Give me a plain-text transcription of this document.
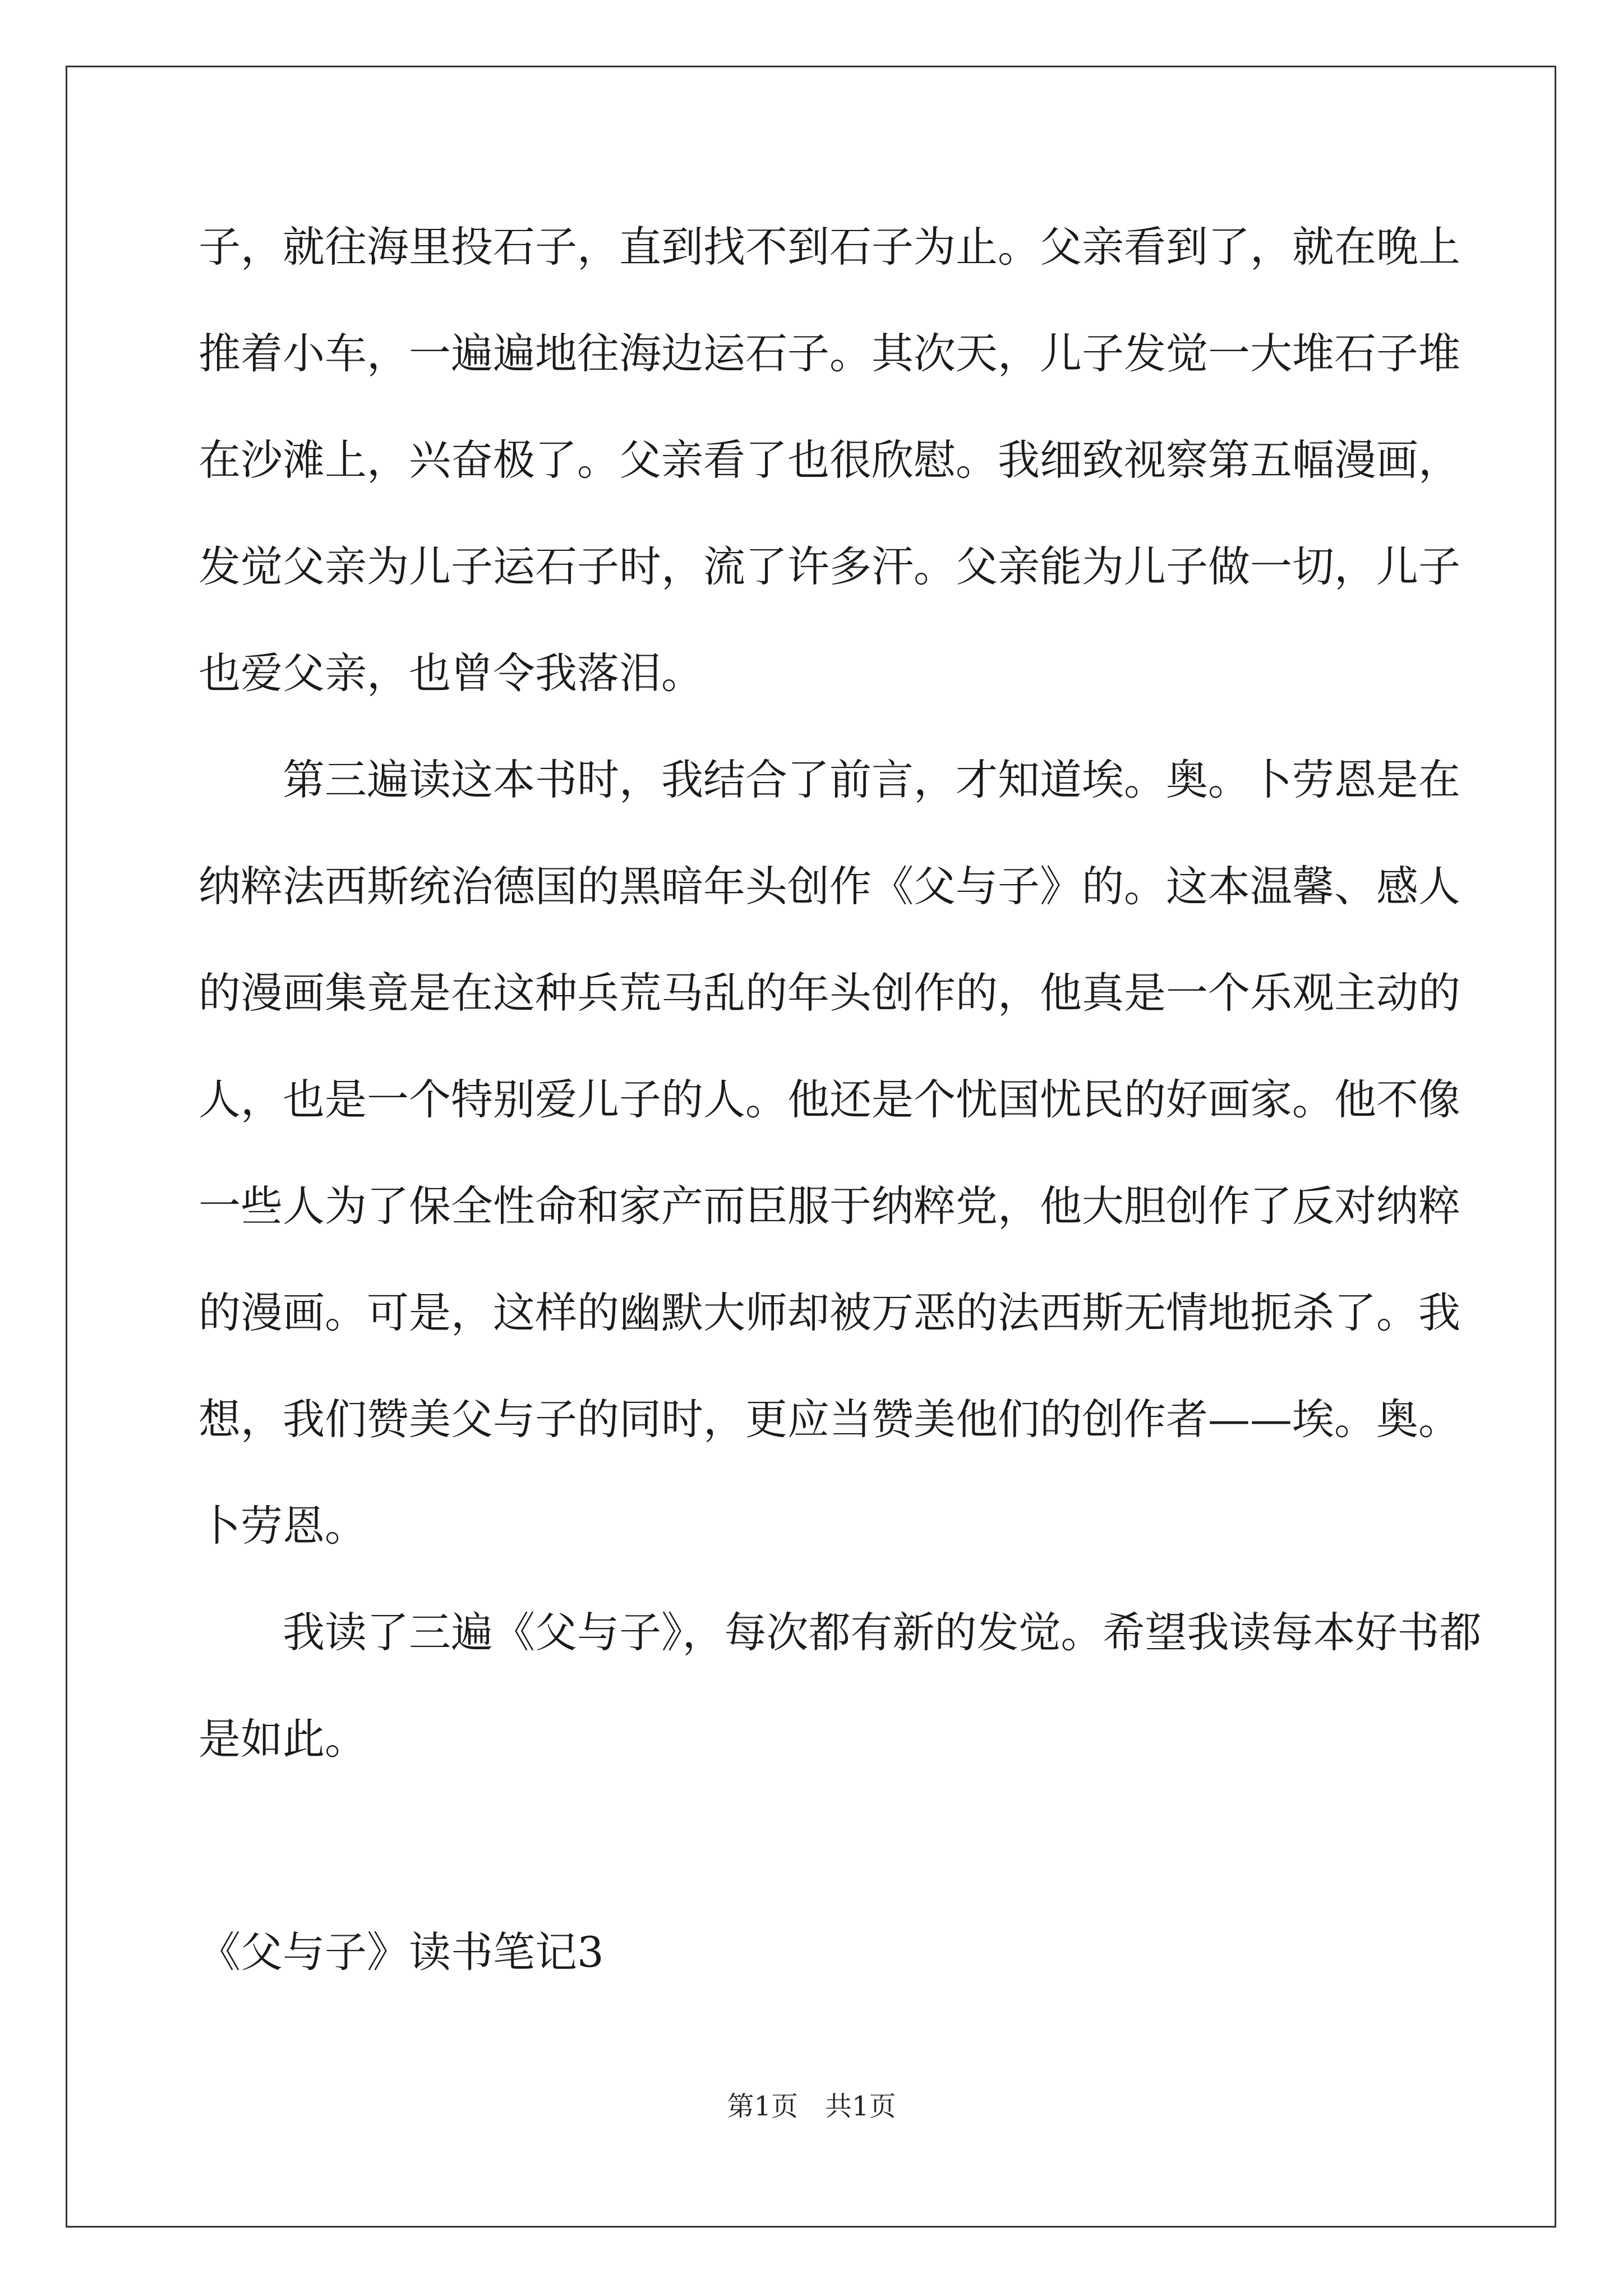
子，就往海里投石子，直到找不到石子为止。父亲看到了，就在晚上
推着小车，一遍遍地往海边运石子。其次天，儿子发觉一大堆石子堆
在沙滩上，兴奋极了。父亲看了也很欣慰。我细致视察第五幅漫画，
发觉父亲为儿子运石子时，流了许多汗。父亲能为儿子做一切，儿子
也爱父亲，也曾令我落泪。
第三遍读这本书时，我结合了前言，才知道埃。奥。卜劳恩是在
纳粹法西斯统治德国的黑暗年头创作《父与子》的。这本温馨、感人
的漫画集竟是在这种兵荒马乱的年头创作的，他真是一个乐观主动的
人，也是一个特别爱儿子的人。他还是个忧国忧民的好画家。他不像
一些人为了保全性命和家产而臣服于纳粹党，他大胆创作了反对纳粹
的漫画。可是，这样的幽默大师却被万恶的法西斯无情地扼杀了。我
想，我们赞美父与子的同时，更应当赞美他们的创作者——埃。奥。
卜劳恩。
我读了三遍《父与子》，每次都有新的发觉。希望我读每本好书都
是如此。
《父与子》读书笔记3
第1页　共1页
